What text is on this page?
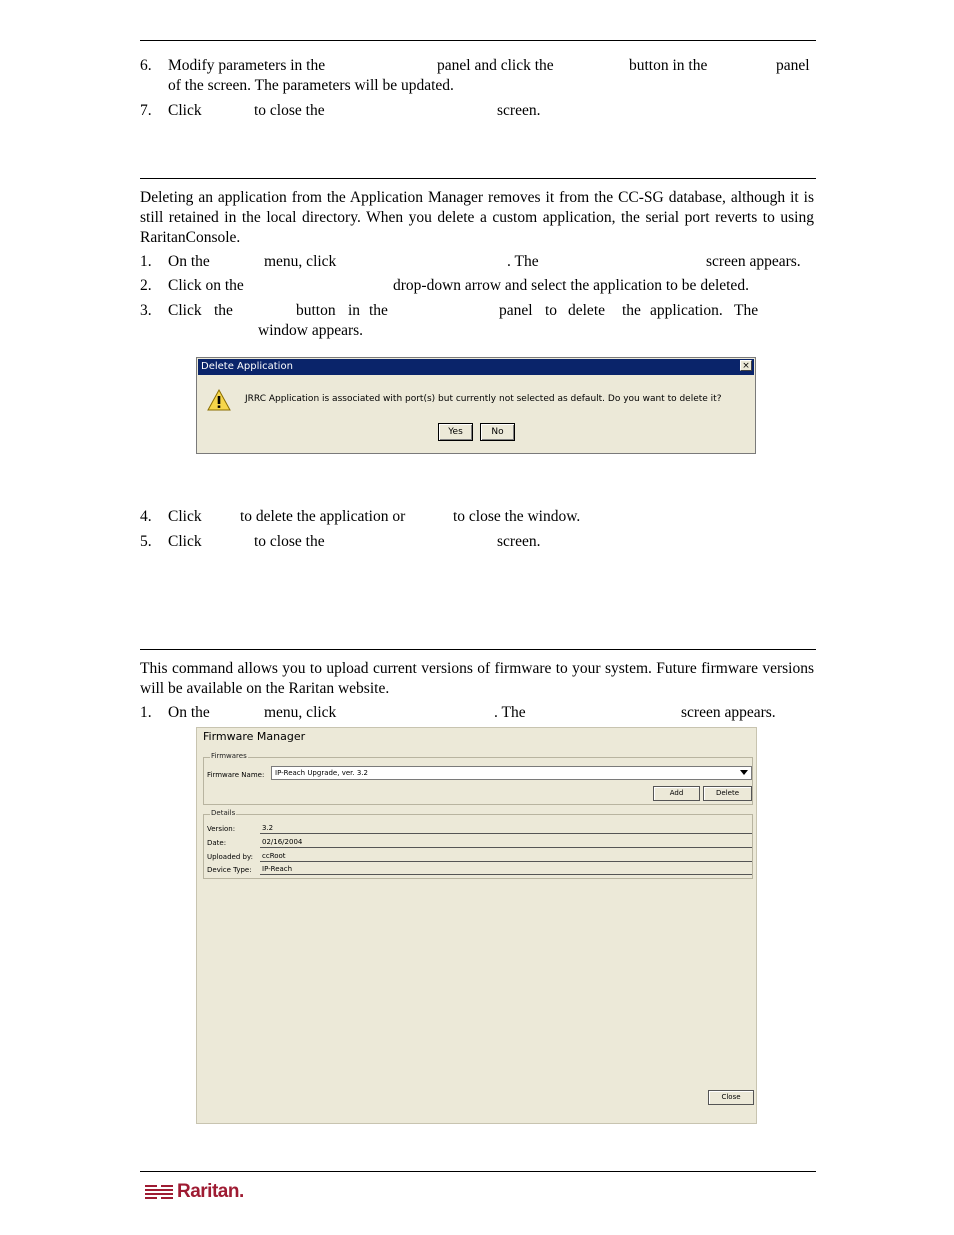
6. Modify parameters in the	panel and click the	button in the	panel
of the screen. The parameters will be updated.
7. Click	to close the	screen.
Deleting an application from the Application Manager removes it from the CC-SG database, although it is still retained in the local directory. When you delete a custom application, the serial port reverts to using RaritanConsole.
1. On the	menu, click	. The	screen appears.
2. Click on the	drop-down arrow and select the application to be deleted.
3. Click the	button in the	panel to delete the application. The
window appears.
Delete Application	×
JRRC Application is associated with port(s) but currently not selected as default. Do you want to delete it?
Yes	No
4. Click to delete the application or	to close the window.
5. Click	to close the	screen.
This command allows you to upload current versions of firmware to your system. Future firmware versions will be available on the Raritan website.
1. On the	menu, click	. The	screen appears.
Firmware Manager
Firmwares
Firmware Name:	IP-Reach Upgrade, ver. 3.2
Add	Delete
Details
Version:	3.2
Date:	02/16/2004
Uploaded by: ccRoot
Device Type: IP-Reach
Close
Raritan.
